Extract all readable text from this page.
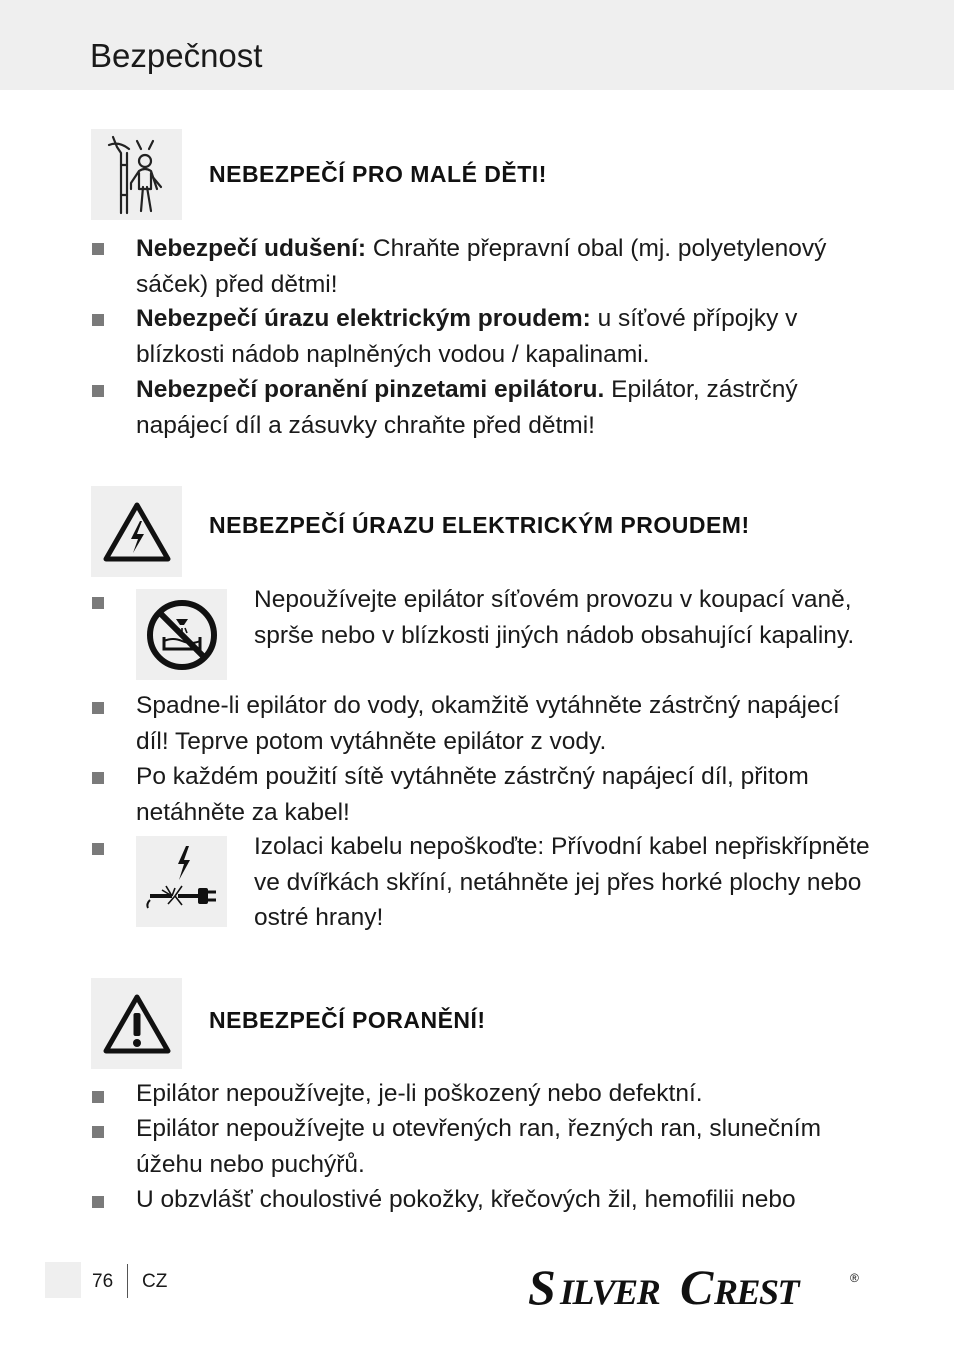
Bezpečnost
NEBEZPEČÍ PRO MALÉ DĚTI!
Nebezpečí udušení: Chraňte přepravní obal (mj. polyetylenový sáček) před dětmi!
Nebezpečí úrazu elektrickým proudem: u síťové přípojky v blízkosti nádob naplněných vodou / kapalinami.
Nebezpečí poranění pinzetami epilátoru. Epilátor, zástrčný napájecí díl a zásuvky chraňte před dětmi!
NEBEZPEČÍ ÚRAZU ELEKTRICKÝM PROUDEM!
Nepoužívejte epilátor síťovém provozu v koupací vaně, sprše nebo v blízkosti jiných nádob obsahující kapaliny.
Spadne-li epilátor do vody, okamžitě vytáhněte zástrčný napájecí díl! Teprve potom vytáhněte epilátor z vody.
Po každém použití sítě vytáhněte zástrčný napájecí díl, přitom netáhněte za kabel!
Izolaci kabelu nepoškoďte: Přívodní kabel nepřiskřípněte ve dvířkách skříní, netáhněte jej přes horké plochy nebo ostré hrany!
NEBEZPEČÍ PORANĚNÍ!
Epilátor nepoužívejte, je-li poškozený nebo defektní.
Epilátor nepoužívejte u otevřených ran, řezných ran, slunečním úžehu nebo puchýřů.
U obzvlášť choulostivé pokožky, křečových žil, hemofilii nebo
76 CZ	S ILVER C REST	®
